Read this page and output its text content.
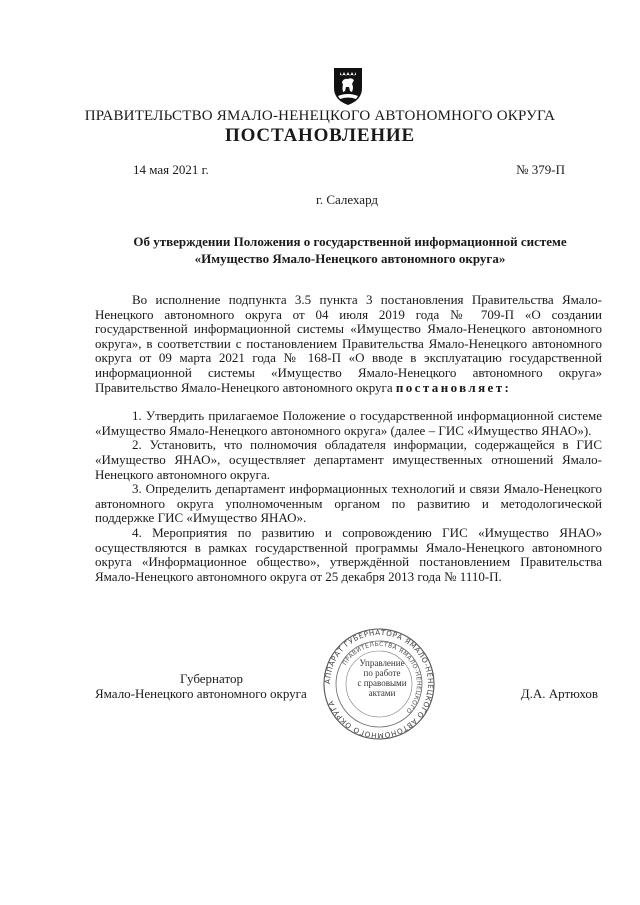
ПРАВИТЕЛЬСТВО ЯМАЛО-НЕНЕЦКОГО АВТОНОМНОГО ОКРУГА
ПОСТАНОВЛЕНИЕ
14 мая 2021 г.	№ 379-П
г. Салехард
Об утверждении Положения о государственной информационной системе «Имущество Ямало-Ненецкого автономного округа»

Во исполнение подпункта 3.5 пункта 3 постановления Правительства Ямало-Ненецкого автономного округа от 04 июля 2019 года № 709-П «О создании государственной информационной системы «Имущество Ямало-Ненецкого автономного округа», в соответствии с постановлением Правительства Ямало-Ненецкого автономного округа от 09 марта 2021 года № 168-П «О вводе в эксплуатацию государственной информационной системы «Имущество Ямало-Ненецкого автономного округа» Правительство Ямало-Ненецкого автономного округа постановляет:

1. Утвердить прилагаемое Положение о государственной информационной системе «Имущество Ямало-Ненецкого автономного округа» (далее – ГИС «Имущество ЯНАО»).

2. Установить, что полномочия обладателя информации, содержащейся в ГИС «Имущество ЯНАО», осуществляет департамент имущественных отношений Ямало-Ненецкого автономного округа.

3. Определить департамент информационных технологий и связи Ямало-Ненецкого автономного округа уполномоченным органом по развитию и методологической поддержке ГИС «Имущество ЯНАО».

4. Мероприятия по развитию и сопровождению ГИС «Имущество ЯНАО» осуществляются в рамках государственной программы Ямало-Ненецкого автономного округа «Информационное общество», утверждённой постановлением Правительства Ямало-Ненецкого автономного округа от 25 декабря 2013 года № 1110-П.

Губернатор
Ямало-Ненецкого автономного округа	Д.А. Артюхов
АППАРАТ ГУБЕРНАТОРА ЯМАЛО-НЕНЕЦКОГО АВТОНОМНОГО ОКРУГА
ПРАВИТЕЛЬСТВА ЯМАЛО-НЕНЕЦКОГО
Управление
по работе
с правовыми
актами
